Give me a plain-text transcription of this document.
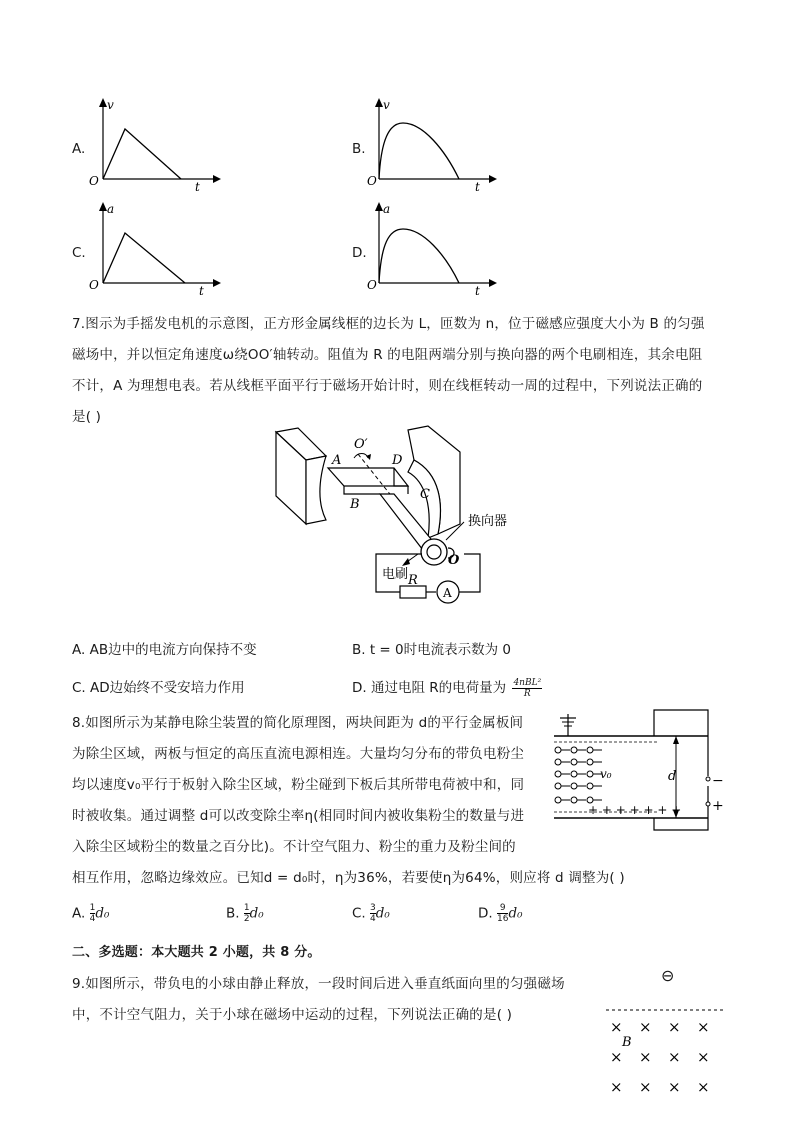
A.
v
O	t
B.
v
O	t
C.
a
O	t
D.
a
O	t
7.图示为手摇发电机的示意图，正方形金属线框的边长为 L，匝数为 n，位于磁感应强度大小为 B 的匀强
磁场中，并以恒定角速度ω绕OO′轴转动。阻值为 R 的电阻两端分别与换向器的两个电刷相连，其余电阻
不计，A 为理想电表。若从线框平面平行于磁场开始计时，则在线框转动一周的过程中，下列说法正确的
是( )
A
B
C
D
O′
O
换向器
电刷 R
A
A. AB边中的电流方向保持不变	B. t = 0时电流表示数为 0
C. AD边始终不受安培力作用	D. 通过电阻 R的电荷量为 4nBL²
R
8.如图所示为某静电除尘装置的简化原理图，两块间距为 d的平行金属板间
为除尘区域，两板与恒定的高压直流电源相连。大量均匀分布的带负电粉尘
均以速度v₀平行于板射入除尘区域，粉尘碰到下板后其所带电荷被中和，同
时被收集。通过调整 d可以改变除尘率η(相同时间内被收集粉尘的数量与进
入除尘区域粉尘的数量之百分比)。不计空气阻力、粉尘的重力及粉尘间的
相互作用，忽略边缘效应。已知d = d₀时，η为36%，若要使η为64%，则应将 d 调整为( )
−
+
v₀	d
+ + + + + + +
A. $\frac{1}{4} d_0$	B. $\frac{1}{2} d_0$	C. $\frac{3}{4} d_0$	D. $\frac{9}{16} d_0$
二、多选题：本大题共 2 小题，共 8 分。
9.如图所示，带负电的小球由静止释放，一段时间后进入垂直纸面向里的匀强磁场
中，不计空气阻力，关于小球在磁场中运动的过程，下列说法正确的是( )
⊖
× × × ×
× × × ×
× × × ×
B
